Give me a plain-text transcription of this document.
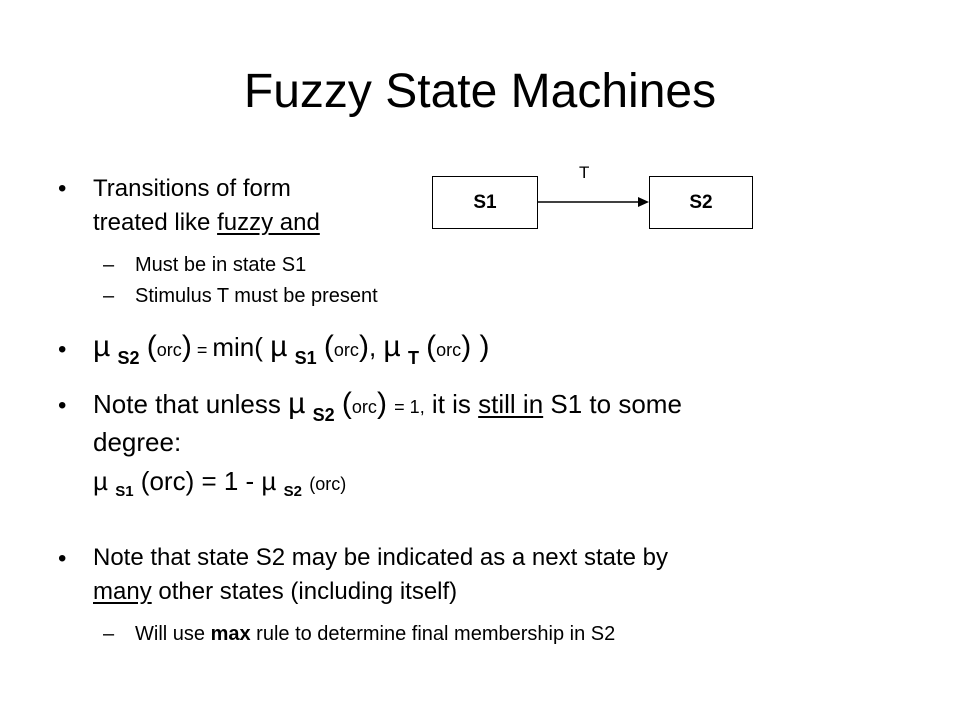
Fuzzy State Machines
• Transitions of form
treated like fuzzy and
– Must be in state S1
– Stimulus T must be present
S1	S2
T
• µ $_{S2}$ (orc) = min( µ $_{S1}$ (orc), µ $_T$ (orc) )
• Note that unless µ $_{S2}$ (orc) = 1, it is still in S1 to some
degree:
µ $_{S1}$ (orc) = 1 - µ $_{S2}$ (orc)
• Note that state S2 may be indicated as a next state by
many other states (including itself)
– Will use max rule to determine final membership in S2
